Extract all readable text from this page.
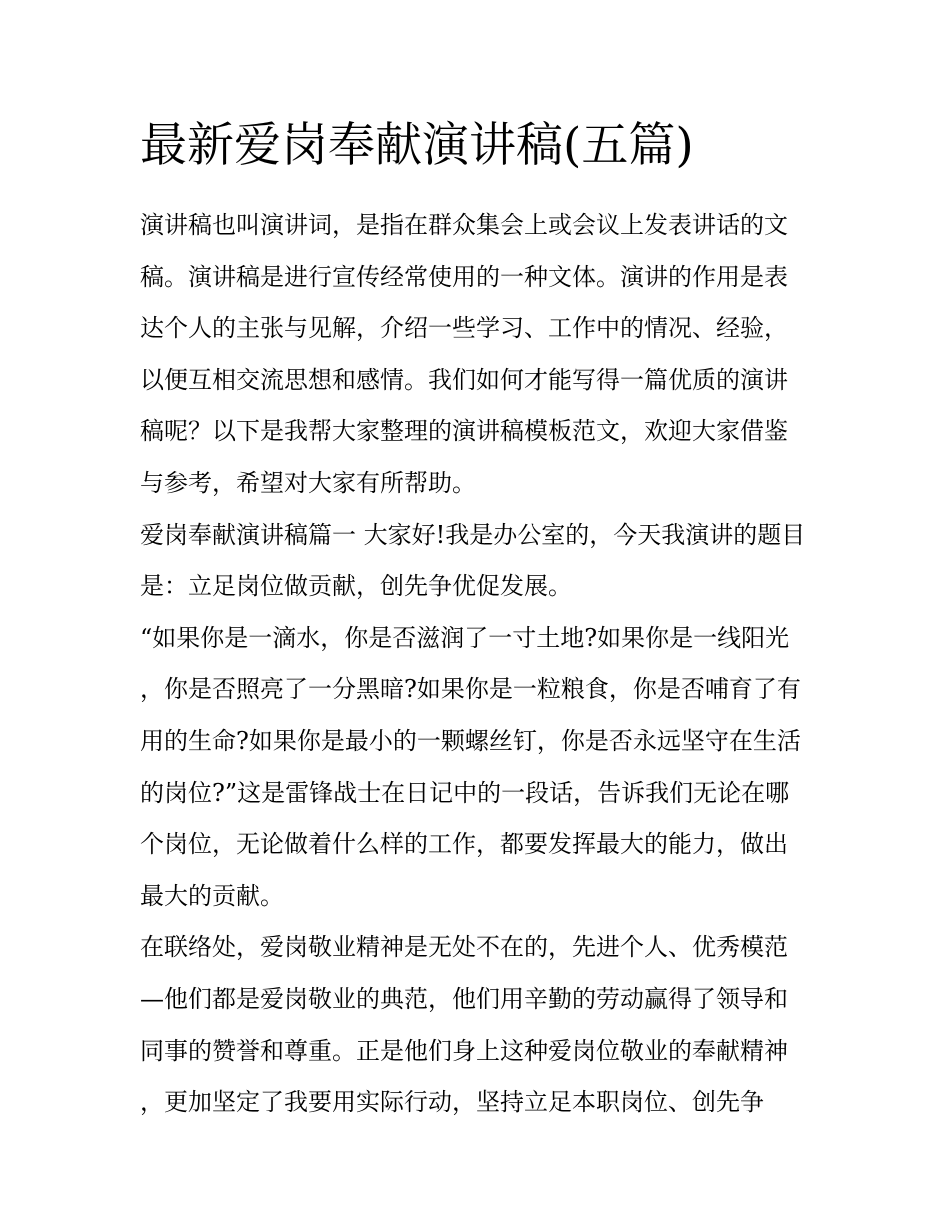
最新爱岗奉献演讲稿(五篇)

演讲稿也叫演讲词，是指在群众集会上或会议上发表讲话的文稿。演讲稿是进行宣传经常使用的一种文体。演讲的作用是表达个人的主张与见解，介绍一些学习、工作中的情况、经验，以便互相交流思想和感情。我们如何才能写得一篇优质的演讲稿呢？以下是我帮大家整理的演讲稿模板范文，欢迎大家借鉴与参考，希望对大家有所帮助。

爱岗奉献演讲稿篇一 大家好!我是办公室的，今天我演讲的题目是：立足岗位做贡献，创先争优促发展。

“如果你是一滴水，你是否滋润了一寸土地?如果你是一线阳光，你是否照亮了一分黑暗?如果你是一粒粮食，你是否哺育了有用的生命?如果你是最小的一颗螺丝钉，你是否永远坚守在生活的岗位?”这是雷锋战士在日记中的一段话，告诉我们无论在哪个岗位，无论做着什么样的工作，都要发挥最大的能力，做出最大的贡献。

在联络处，爱岗敬业精神是无处不在的，先进个人、优秀模范—他们都是爱岗敬业的典范，他们用辛勤的劳动赢得了领导和同事的赞誉和尊重。正是他们身上这种爱岗位敬业的奉献精神，更加坚定了我要用实际行动，坚持立足本职岗位、创先争
